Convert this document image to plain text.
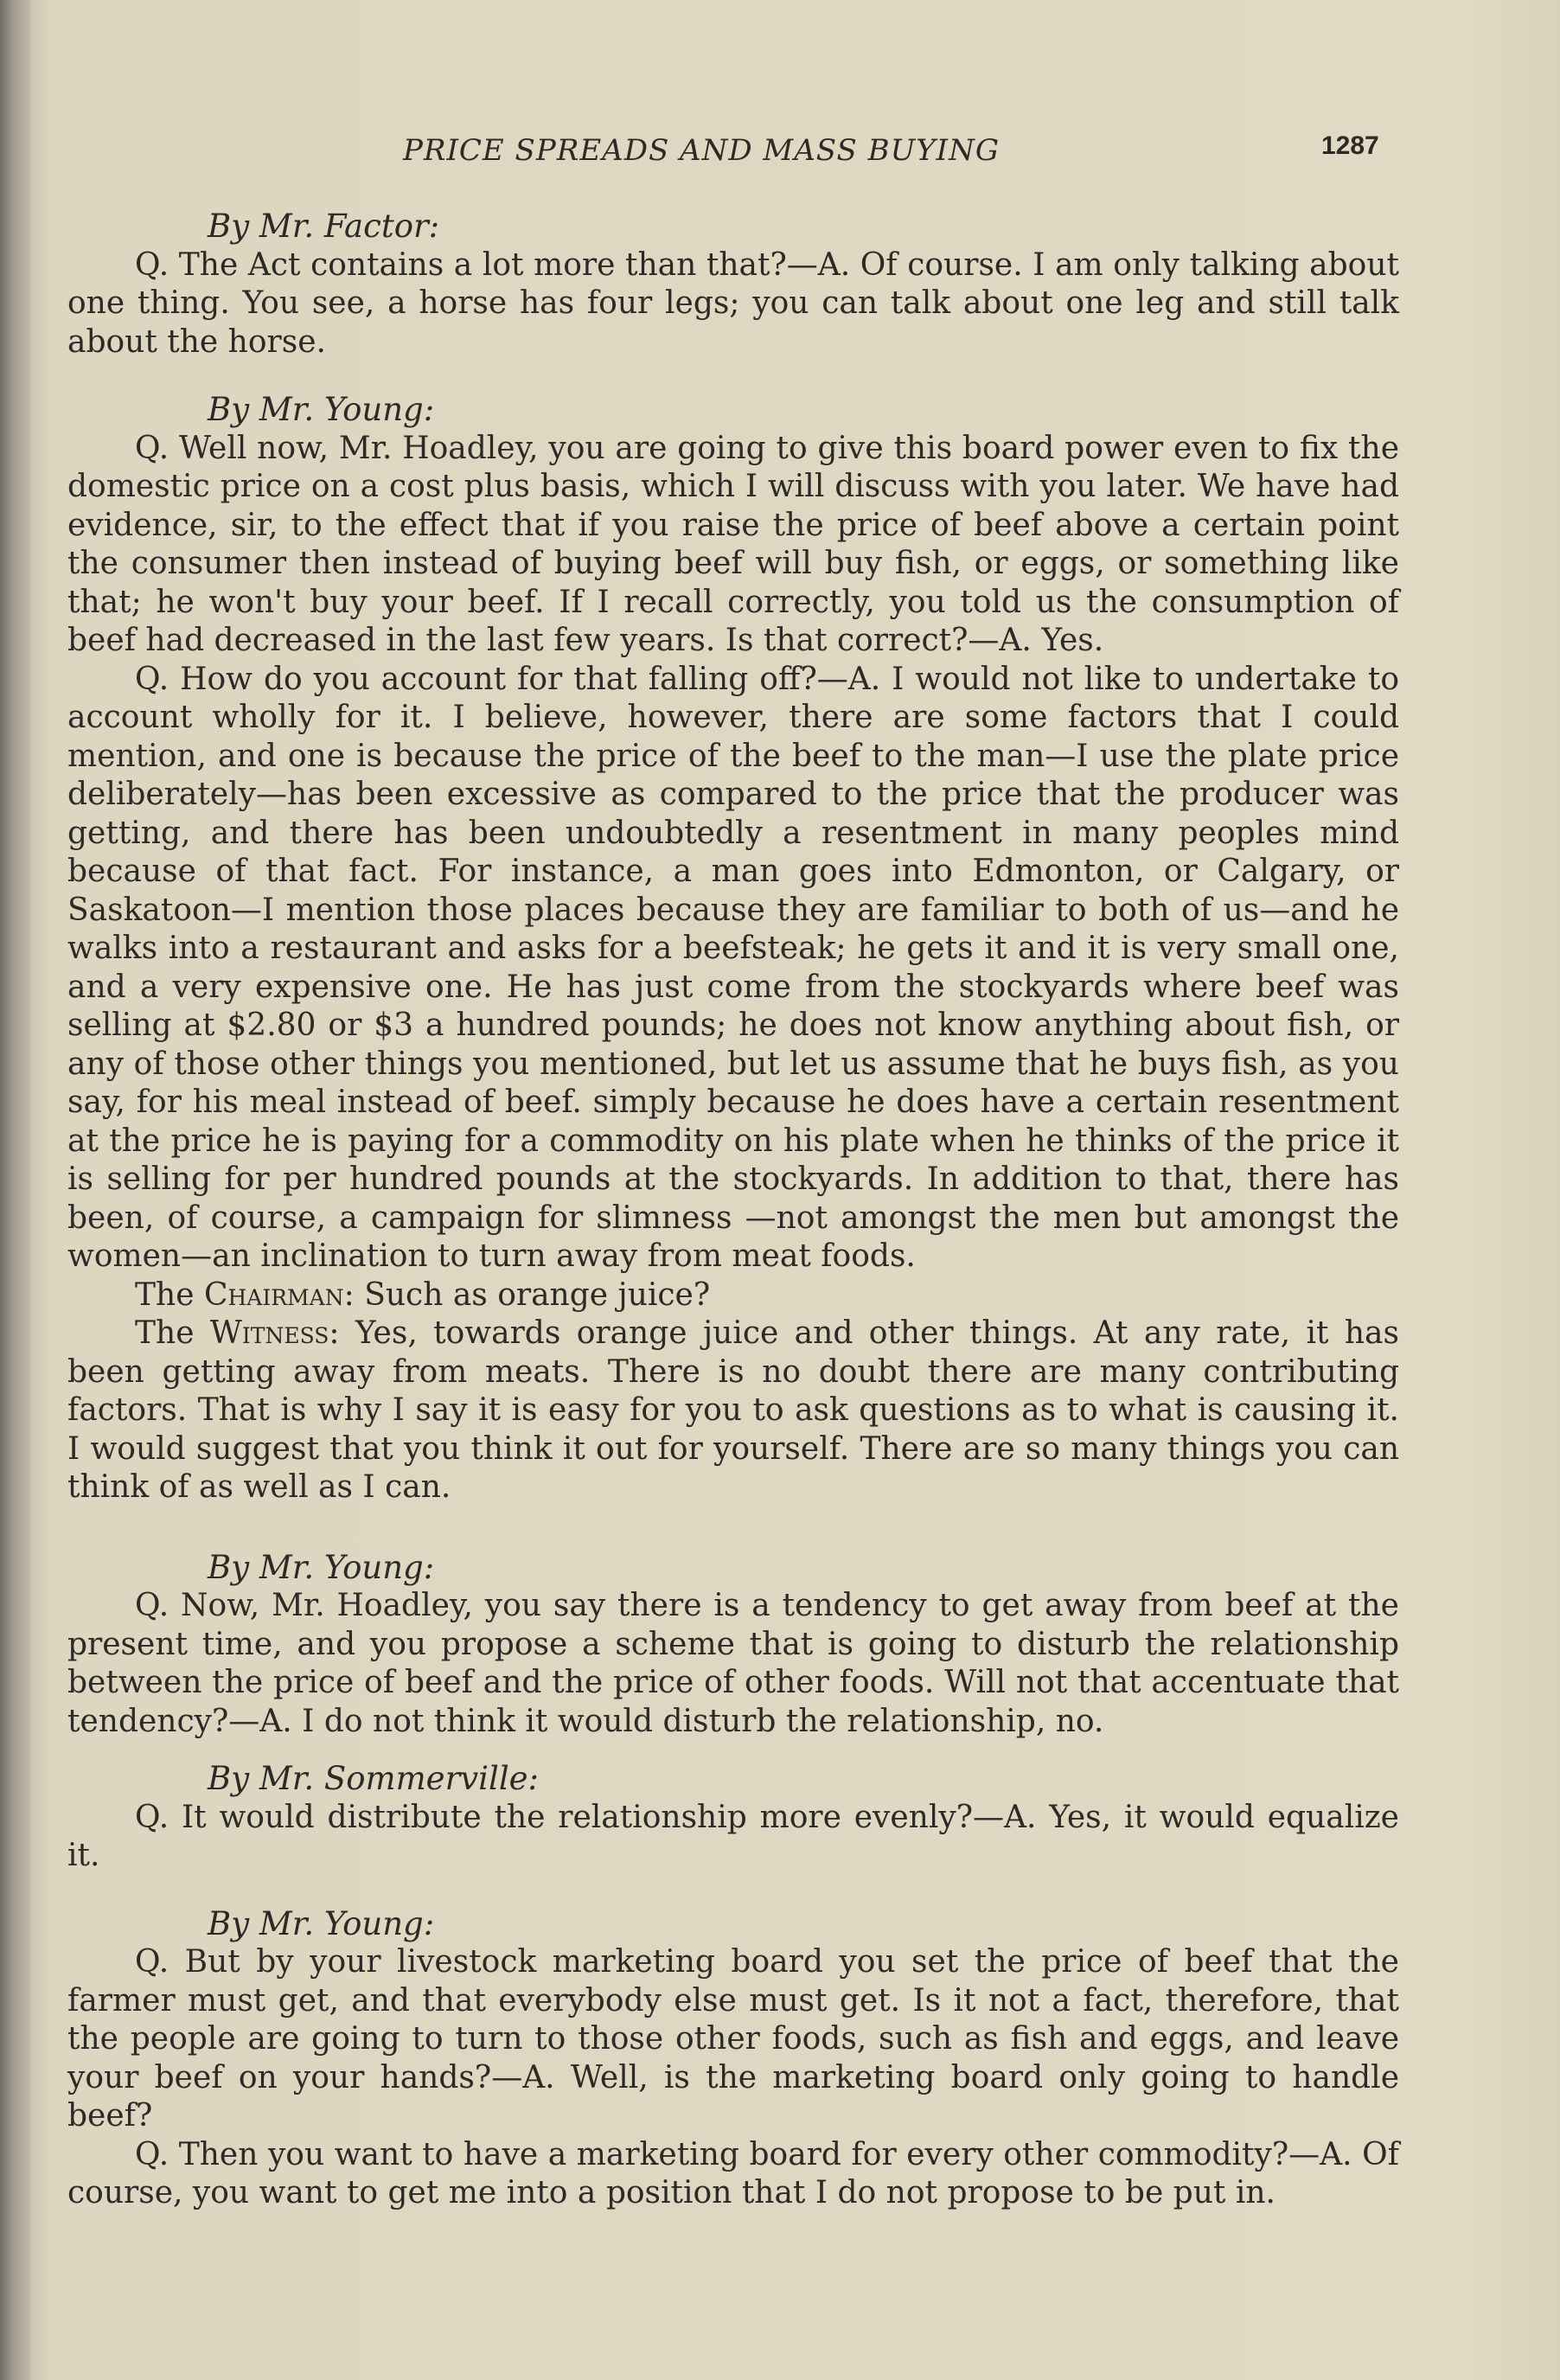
PRICE SPREADS AND MASS BUYING	1287
By Mr. Factor:

Q. The Act contains a lot more than that?—A. Of course. I am only talking about one thing. You see, a horse has four legs; you can talk about one leg and still talk about the horse.

By Mr. Young:

Q. Well now, Mr. Hoadley, you are going to give this board power even to fix the domestic price on a cost plus basis, which I will discuss with you later. We have had evidence, sir, to the effect that if you raise the price of beef above a certain point the consumer then instead of buying beef will buy fish, or eggs, or something like that; he won't buy your beef. If I recall correctly, you told us the consumption of beef had decreased in the last few years. Is that correct?—A. Yes.

Q. How do you account for that falling off?—A. I would not like to undertake to account wholly for it. I believe, however, there are some factors that I could mention, and one is because the price of the beef to the man—I use the plate price deliberately—has been excessive as compared to the price that the producer was getting, and there has been undoubtedly a resentment in many peoples mind because of that fact. For instance, a man goes into Edmonton, or Calgary, or Saskatoon—I mention those places because they are familiar to both of us—and he walks into a restaurant and asks for a beefsteak; he gets it and it is very small one, and a very expensive one. He has just come from the stockyards where beef was selling at $2.80 or $3 a hundred pounds; he does not know anything about fish, or any of those other things you mentioned, but let us assume that he buys fish, as you say, for his meal instead of beef. simply because he does have a certain resentment at the price he is paying for a commodity on his plate when he thinks of the price it is selling for per hundred pounds at the stockyards. In addition to that, there has been, of course, a campaign for slimness —not amongst the men but amongst the women—an inclination to turn away from meat foods.

The Chairman: Such as orange juice?

The Witness: Yes, towards orange juice and other things. At any rate, it has been getting away from meats. There is no doubt there are many contributing factors. That is why I say it is easy for you to ask questions as to what is causing it. I would suggest that you think it out for yourself. There are so many things you can think of as well as I can.

By Mr. Young:

Q. Now, Mr. Hoadley, you say there is a tendency to get away from beef at the present time, and you propose a scheme that is going to disturb the relationship between the price of beef and the price of other foods. Will not that accentuate that tendency?—A. I do not think it would disturb the relationship, no.

By Mr. Sommerville:

Q. It would distribute the relationship more evenly?—A. Yes, it would equalize it.

By Mr. Young:

Q. But by your livestock marketing board you set the price of beef that the farmer must get, and that everybody else must get. Is it not a fact, therefore, that the people are going to turn to those other foods, such as fish and eggs, and leave your beef on your hands?—A. Well, is the marketing board only going to handle beef?

Q. Then you want to have a marketing board for every other commodity?—A. Of course, you want to get me into a position that I do not propose to be put in.
